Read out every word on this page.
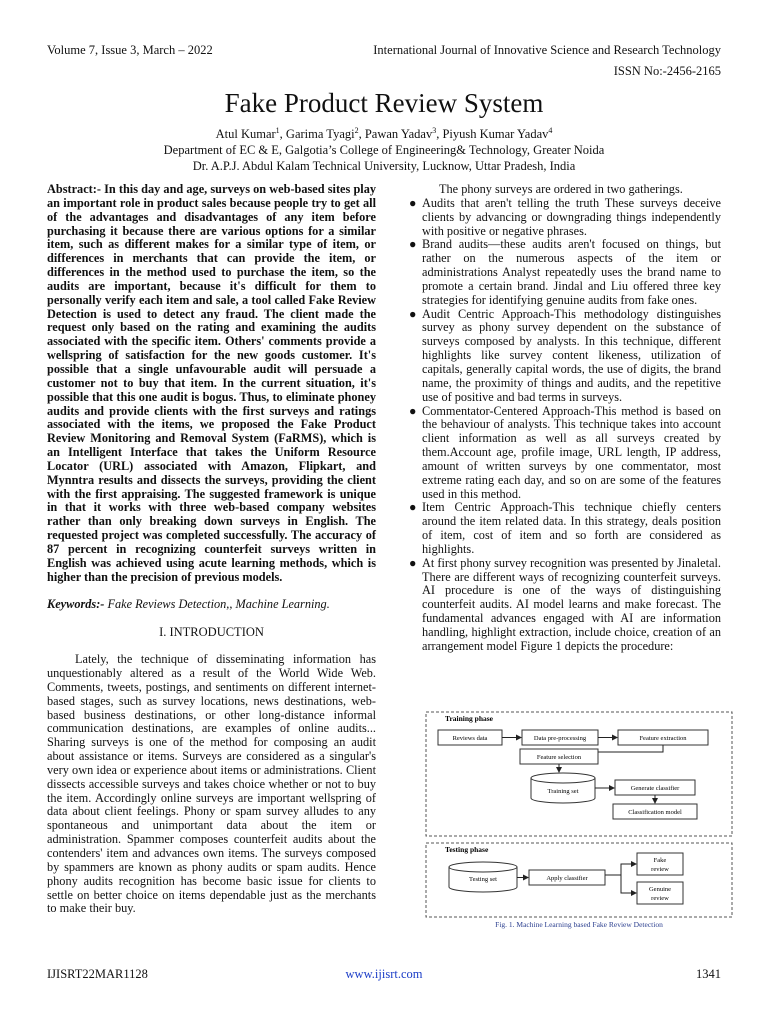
Volume 7, Issue 3, March – 2022	International Journal of Innovative Science and Research Technology
ISSN No:-2456-2165
Fake Product Review System
Atul Kumar$^1$, Garima Tyagi$^2$, Pawan Yadav$^3$, Piyush Kumar Yadav$^4$
Department of EC & E, Galgotia’s College of Engineering& Technology, Greater Noida
Dr. A.P.J. Abdul Kalam Technical University, Lucknow, Uttar Pradesh, India

Abstract:- In this day and age, surveys on web-based sites play an important role in product sales because people try to get all of the advantages and disadvantages of any item before purchasing it because there are various options for a similar item, such as different makes for a similar type of item, or differences in merchants that can provide the item, or differences in the method used to purchase the item, so the audits are important, because it's difficult for them to personally verify each item and sale, a tool called Fake Review Detection is used to detect any fraud. The client made the request only based on the rating and examining the audits associated with the specific item. Others' comments provide a wellspring of satisfaction for the new goods customer. It's possible that a single unfavourable audit will persuade a customer not to buy that item. In the current situation, it's possible that this one audit is bogus. Thus, to eliminate phoney audits and provide clients with the first surveys and ratings associated with the items, we proposed the Fake Product Review Monitoring and Removal System (FaRMS), which is an Intelligent Interface that takes the Uniform Resource Locator (URL) associated with Amazon, Flipkart, and Mynntra results and dissects the surveys, providing the client with the first appraising. The suggested framework is unique in that it works with three web-based company websites rather than only breaking down surveys in English. The requested project was completed successfully. The accuracy of 87 percent in recognizing counterfeit surveys written in English was achieved using acute learning methods, which is higher than the precision of previous models.

Keywords:- Fake Reviews Detection,, Machine Learning.

I. INTRODUCTION

Lately, the technique of disseminating information has unquestionably altered as a result of the World Wide Web. Comments, tweets, postings, and sentiments on different internet-based stages, such as survey locations, news destinations, web-based business destinations, or other long-distance informal communication destinations, are examples of online audits... Sharing surveys is one of the method for composing an audit about assistance or items. Surveys are considered as a singular's very own idea or experience about items or administrations. Client dissects accessible surveys and takes choice whether or not to buy the item. Accordingly online surveys are important wellspring of data about client feelings. Phony or spam survey alludes to any spontaneous and unimportant data about the item or administration. Spammer composes counterfeit audits about the contenders' item and advances own items. The surveys composed by spammers are known as phony audits or spam audits. Hence phony audits recognition has become basic issue for clients to settle on better choice on items dependable just as the merchants to make their buy.

The phony surveys are ordered in two gatherings.

● Audits that aren't telling the truth These surveys deceive clients by advancing or downgrading things independently with positive or negative phrases.
● Brand audits—these audits aren't focused on things, but rather on the numerous aspects of the item or administrations Analyst repeatedly uses the brand name to promote a certain brand. Jindal and Liu offered three key strategies for identifying genuine audits from fake ones.
● Audit Centric Approach-This methodology distinguishes survey as phony survey dependent on the substance of surveys composed by analysts. In this technique, different highlights like survey content likeness, utilization of capitals, generally capital words, the use of digits, the brand name, the proximity of things and audits, and the repetitive use of positive and bad terms in surveys.
● Commentator-Centered Approach-This method is based on the behaviour of analysts. This technique takes into account client information as well as all surveys created by them.Account age, profile image, URL length, IP address, amount of written surveys by one commentator, most extreme rating each day, and so on are some of the features used in this method.
● Item Centric Approach-This technique chiefly centers around the item related data. In this strategy, deals position of item, cost of item and so forth are considered as highlights.
● At first phony survey recognition was presented by Jinaletal. There are different ways of recognizing counterfeit surveys. AI procedure is one of the ways of distinguishing counterfeit audits. AI model learns and make forecast. The fundamental advances engaged with AI are information handling, highlight extraction, include choice, creation of an arrangement model Figure 1 depicts the procedure:
Training phase
Reviews data	Data pre-processing	Feature extraction
Feature selection
Training set	Generate classifier
Classification model
Testing phase
Testing set	Apply classifier
Fake
review
Genuine
review
Fig. 1. Machine Learning based Fake Review Detection
IJISRT22MAR1128	www.ijisrt.com	1341
